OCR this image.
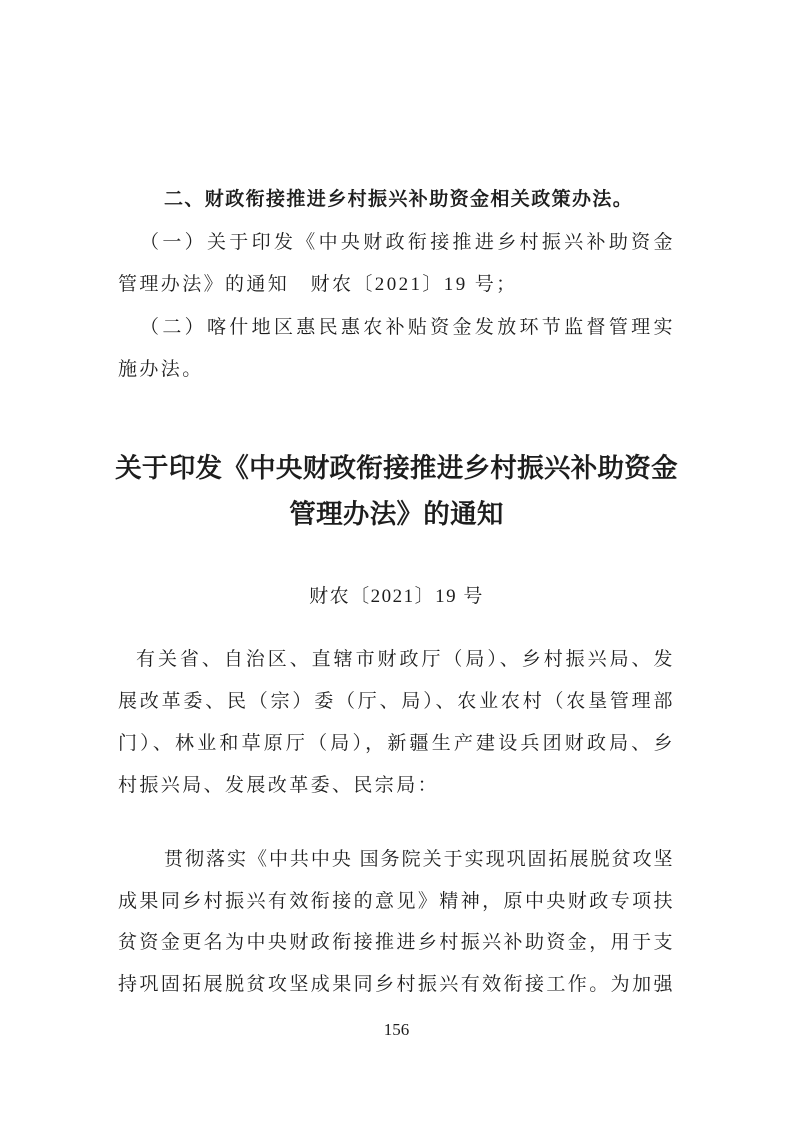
二、财政衔接推进乡村振兴补助资金相关政策办法。
（一）关于印发《中央财政衔接推进乡村振兴补助资金
管理办法》的通知　财农〔2021〕19 号；
（二）喀什地区惠民惠农补贴资金发放环节监督管理实
施办法。
关于印发《中央财政衔接推进乡村振兴补助资金
管理办法》的通知
财农〔2021〕19 号
有关省、自治区、直辖市财政厅（局）、乡村振兴局、发
展改革委、民（宗）委（厅、局）、农业农村（农垦管理部
门）、林业和草原厅（局），新疆生产建设兵团财政局、乡
村振兴局、发展改革委、民宗局：
贯彻落实《中共中央 国务院关于实现巩固拓展脱贫攻坚
成果同乡村振兴有效衔接的意见》精神，原中央财政专项扶
贫资金更名为中央财政衔接推进乡村振兴补助资金，用于支
持巩固拓展脱贫攻坚成果同乡村振兴有效衔接工作。为加强
156
